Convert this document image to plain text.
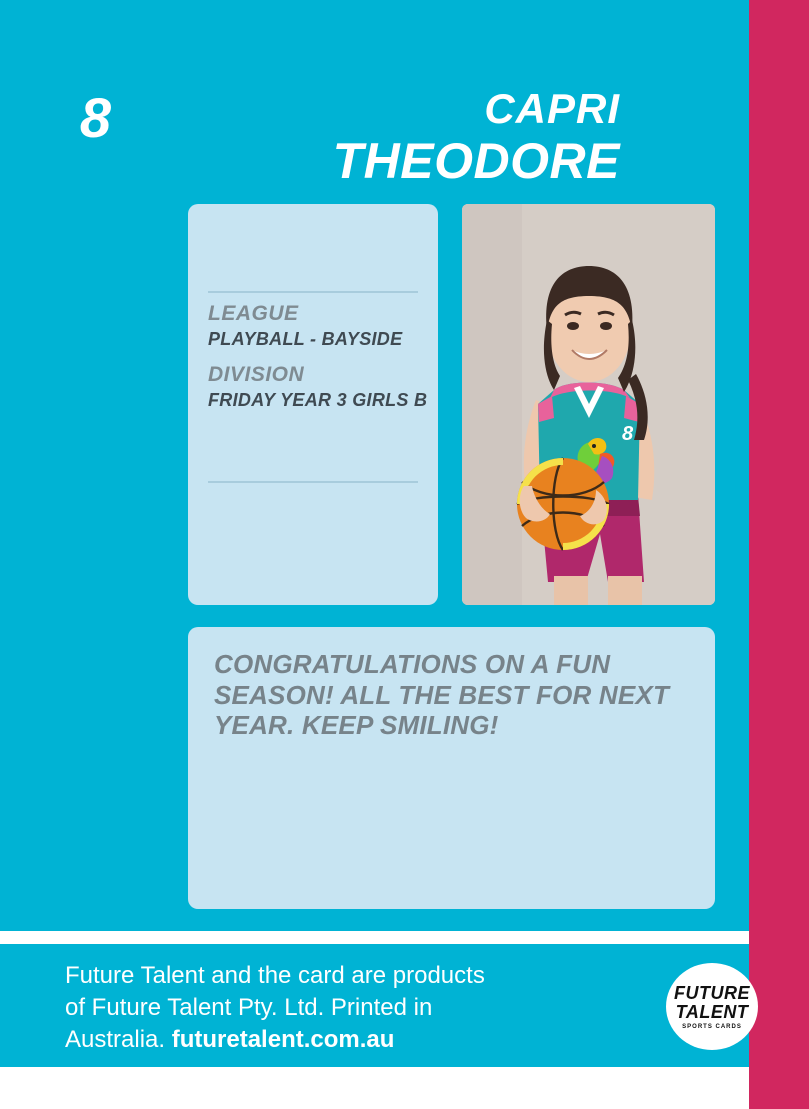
8	CAPRI
THEODORE
LEAGUE
PLAYBALL - BAYSIDE
DIVISION
FRIDAY YEAR 3 GIRLS B
8
CONGRATULATIONS ON A FUN SEASON! ALL THE BEST FOR NEXT YEAR. KEEP SMILING!
Future Talent and the card are products
of Future Talent Pty. Ltd. Printed in
Australia. futuretalent.com.au
FUTURE
TALENT
SPORTS CARDS
